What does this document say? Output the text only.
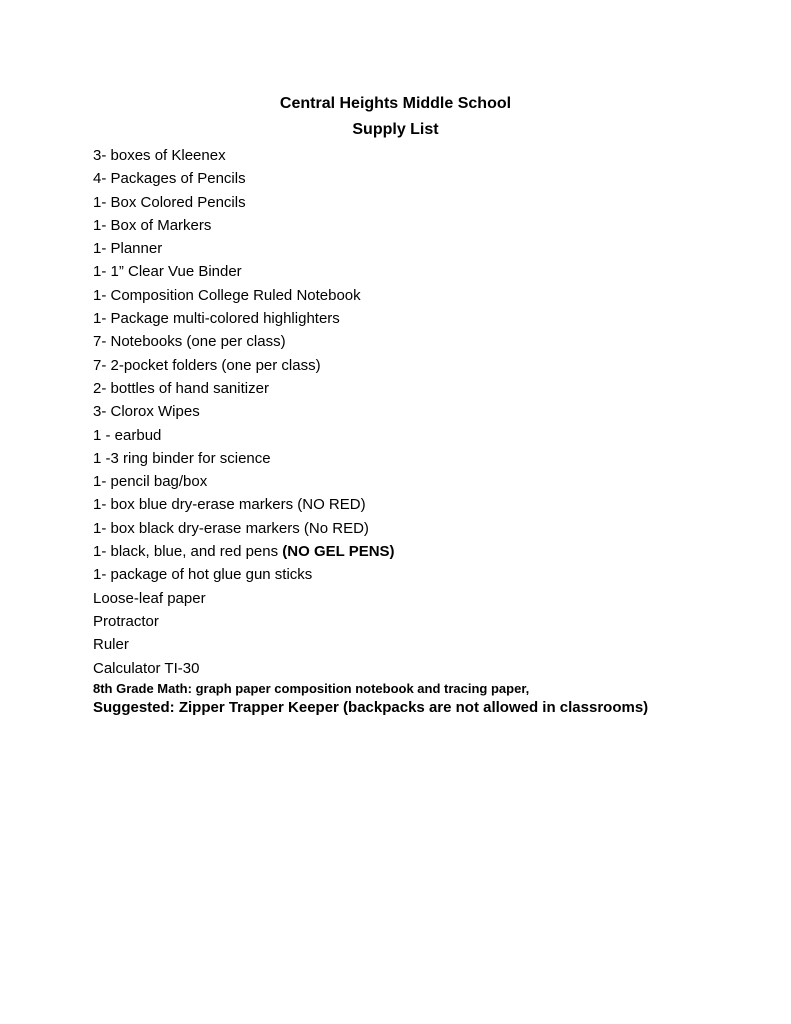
Central Heights Middle School

Supply List

3- boxes of Kleenex
4- Packages of Pencils
1- Box Colored Pencils
1- Box of Markers
1- Planner
1- 1” Clear Vue Binder
1- Composition College Ruled Notebook
1- Package multi-colored highlighters
7- Notebooks (one per class)
7- 2-pocket folders (one per class)
2- bottles of hand sanitizer
3- Clorox Wipes
1 - earbud
1 -3 ring binder for science
1- pencil bag/box
1- box blue dry-erase markers (NO RED)
1- box black dry-erase markers (No RED)
1- black, blue, and red pens (NO GEL PENS)
1- package of hot glue gun sticks
Loose-leaf paper
Protractor
Ruler
Calculator TI-30

8th Grade Math: graph paper composition notebook and tracing paper,

Suggested: Zipper Trapper Keeper (backpacks are not allowed in classrooms)
